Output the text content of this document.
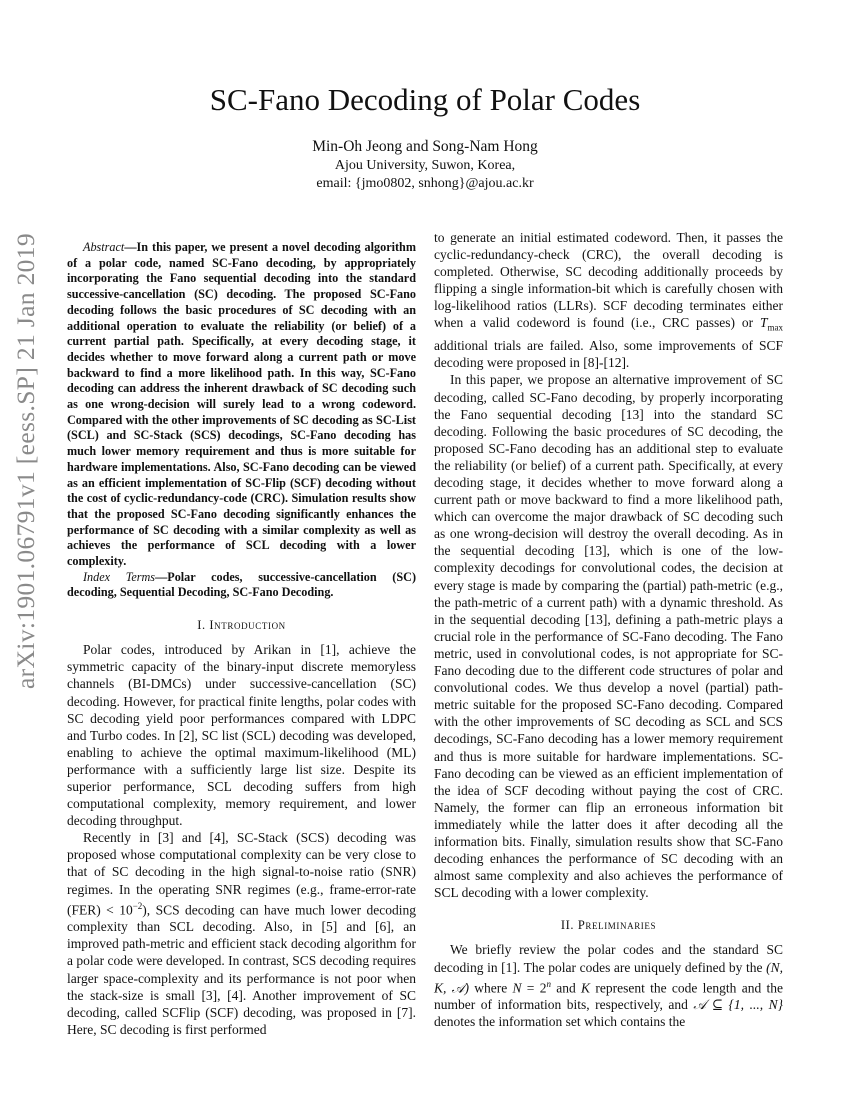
arXiv:1901.06791v1 [eess.SP] 21 Jan 2019
SC-Fano Decoding of Polar Codes
Min-Oh Jeong and Song-Nam Hong
Ajou University, Suwon, Korea,
email: {jmo0802, snhong}@ajou.ac.kr

Abstract—In this paper, we present a novel decoding algorithm of a polar code, named SC-Fano decoding, by appropriately incorporating the Fano sequential decoding into the standard successive-cancellation (SC) decoding. The proposed SC-Fano decoding follows the basic procedures of SC decoding with an additional operation to evaluate the reliability (or belief) of a current partial path. Specifically, at every decoding stage, it decides whether to move forward along a current path or move backward to find a more likelihood path. In this way, SC-Fano decoding can address the inherent drawback of SC decoding such as one wrong-decision will surely lead to a wrong codeword. Compared with the other improvements of SC decoding as SC-List (SCL) and SC-Stack (SCS) decodings, SC-Fano decoding has much lower memory requirement and thus is more suitable for hardware implementations. Also, SC-Fano decoding can be viewed as an efficient implementation of SC-Flip (SCF) decoding without the cost of cyclic-redundancy-code (CRC). Simulation results show that the proposed SC-Fano decoding significantly enhances the performance of SC decoding with a similar complexity as well as achieves the performance of SCL decoding with a lower complexity.

Index Terms—Polar codes, successive-cancellation (SC) decoding, Sequential Decoding, SC-Fano Decoding.

I. Introduction

Polar codes, introduced by Arikan in [1], achieve the symmetric capacity of the binary-input discrete memoryless channels (BI-DMCs) under successive-cancellation (SC) decoding. However, for practical finite lengths, polar codes with SC decoding yield poor performances compared with LDPC and Turbo codes. In [2], SC list (SCL) decoding was developed, enabling to achieve the optimal maximum-likelihood (ML) performance with a sufficiently large list size. Despite its superior performance, SCL decoding suffers from high computational complexity, memory requirement, and lower decoding throughput.

Recently in [3] and [4], SC-Stack (SCS) decoding was proposed whose computational complexity can be very close to that of SC decoding in the high signal-to-noise ratio (SNR) regimes. In the operating SNR regimes (e.g., frame-error-rate $(FER) < 10^{-2}$), SCS decoding can have much lower decoding complexity than SCL decoding. Also, in [5] and [6], an improved path-metric and efficient stack decoding algorithm for a polar code were developed. In contrast, SCS decoding requires larger space-complexity and its performance is not poor when the stack-size is small [3], [4]. Another improvement of SC decoding, called SCFlip (SCF) decoding, was proposed in [7]. Here, SC decoding is first performed

to generate an initial estimated codeword. Then, it passes the cyclic-redundancy-check (CRC), the overall decoding is completed. Otherwise, SC decoding additionally proceeds by flipping a single information-bit which is carefully chosen with log-likelihood ratios (LLRs). SCF decoding terminates either when a valid codeword is found (i.e., CRC passes) or $T_{max}$ additional trials are failed. Also, some improvements of SCF decoding were proposed in [8]-[12].

In this paper, we propose an alternative improvement of SC decoding, called SC-Fano decoding, by properly incorporating the Fano sequential decoding [13] into the standard SC decoding. Following the basic procedures of SC decoding, the proposed SC-Fano decoding has an additional step to evaluate the reliability (or belief) of a current path. Specifically, at every decoding stage, it decides whether to move forward along a current path or move backward to find a more likelihood path, which can overcome the major drawback of SC decoding such as one wrong-decision will destroy the overall decoding. As in the sequential decoding [13], which is one of the low-complexity decodings for convolutional codes, the decision at every stage is made by comparing the (partial) path-metric (e.g., the path-metric of a current path) with a dynamic threshold. As in the sequential decoding [13], defining a path-metric plays a crucial role in the performance of SC-Fano decoding. The Fano metric, used in convolutional codes, is not appropriate for SC-Fano decoding due to the different code structures of polar and convolutional codes. We thus develop a novel (partial) path-metric suitable for the proposed SC-Fano decoding. Compared with the other improvements of SC decoding as SCL and SCS decodings, SC-Fano decoding has a lower memory requirement and thus is more suitable for hardware implementations. SC-Fano decoding can be viewed as an efficient implementation of the idea of SCF decoding without paying the cost of CRC. Namely, the former can flip an erroneous information bit immediately while the latter does it after decoding all the information bits. Finally, simulation results show that SC-Fano decoding enhances the performance of SC decoding with an almost same complexity and also achieves the performance of SCL decoding with a lower complexity.

II. Preliminaries

We briefly review the polar codes and the standard SC decoding in [1]. The polar codes are uniquely defined by the (N, K, 𝒜) where $N = 2^n$ and K represent the code length and the number of information bits, respectively, and 𝒜 ⊆ {1, ..., N} denotes the information set which contains the
